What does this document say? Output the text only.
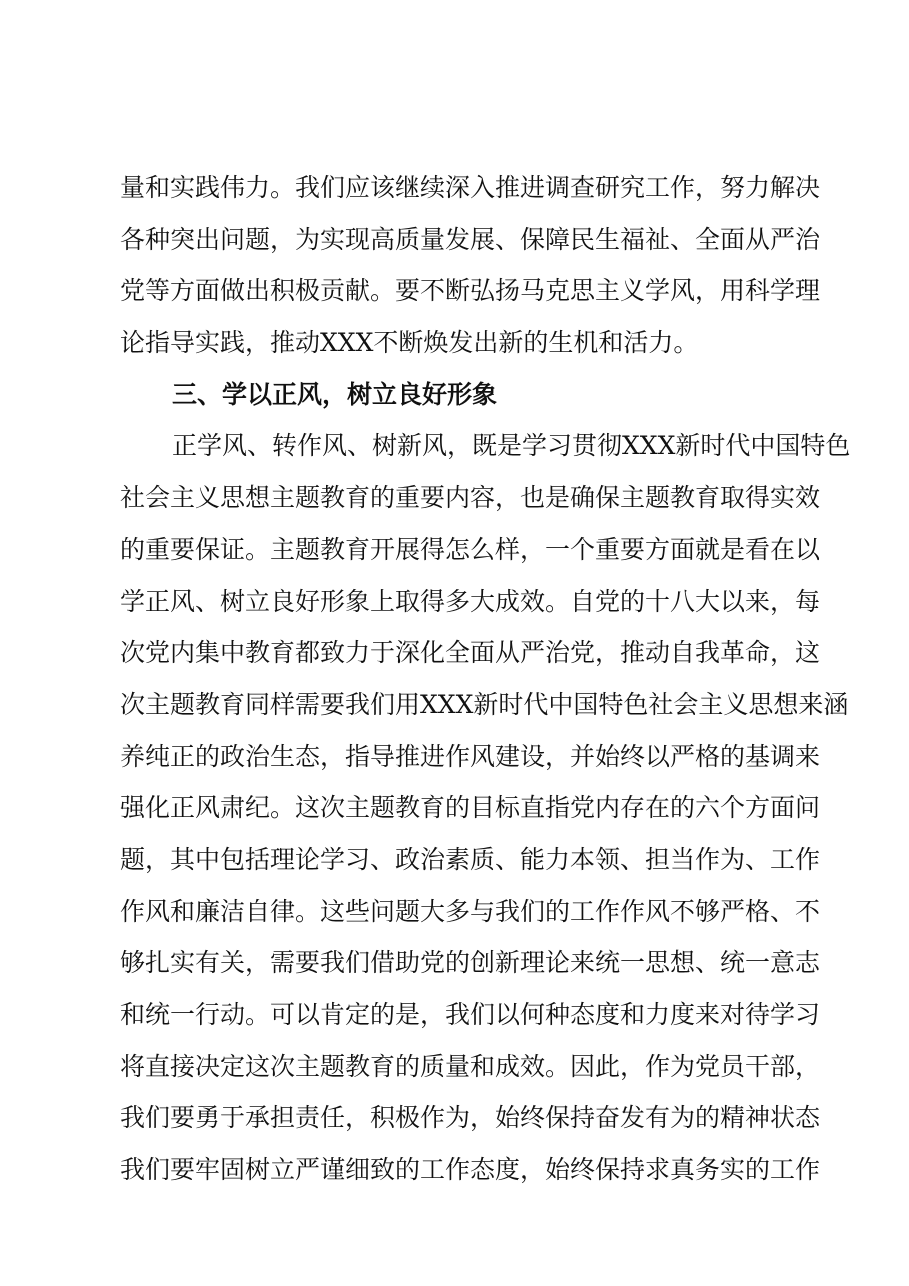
量和实践伟力。我们应该继续深入推进调查研究工作，努力解决
各种突出问题，为实现高质量发展、保障民生福祉、全面从严治
党等方面做出积极贡献。要不断弘扬马克思主义学风，用科学理
论指导实践，推动XXX不断焕发出新的生机和活力。
三、学以正风，树立良好形象
正学风、转作风、树新风，既是学习贯彻XXX新时代中国特色
社会主义思想主题教育的重要内容，也是确保主题教育取得实效
的重要保证。主题教育开展得怎么样，一个重要方面就是看在以
学正风、树立良好形象上取得多大成效。自党的十八大以来，每
次党内集中教育都致力于深化全面从严治党，推动自我革命，这
次主题教育同样需要我们用XXX新时代中国特色社会主义思想来涵
养纯正的政治生态，指导推进作风建设，并始终以严格的基调来
强化正风肃纪。这次主题教育的目标直指党内存在的六个方面问
题，其中包括理论学习、政治素质、能力本领、担当作为、工作
作风和廉洁自律。这些问题大多与我们的工作作风不够严格、不
够扎实有关，需要我们借助党的创新理论来统一思想、统一意志
和统一行动。可以肯定的是，我们以何种态度和力度来对待学习
将直接决定这次主题教育的质量和成效。因此，作为党员干部，
我们要勇于承担责任，积极作为，始终保持奋发有为的精神状态
我们要牢固树立严谨细致的工作态度，始终保持求真务实的工作
